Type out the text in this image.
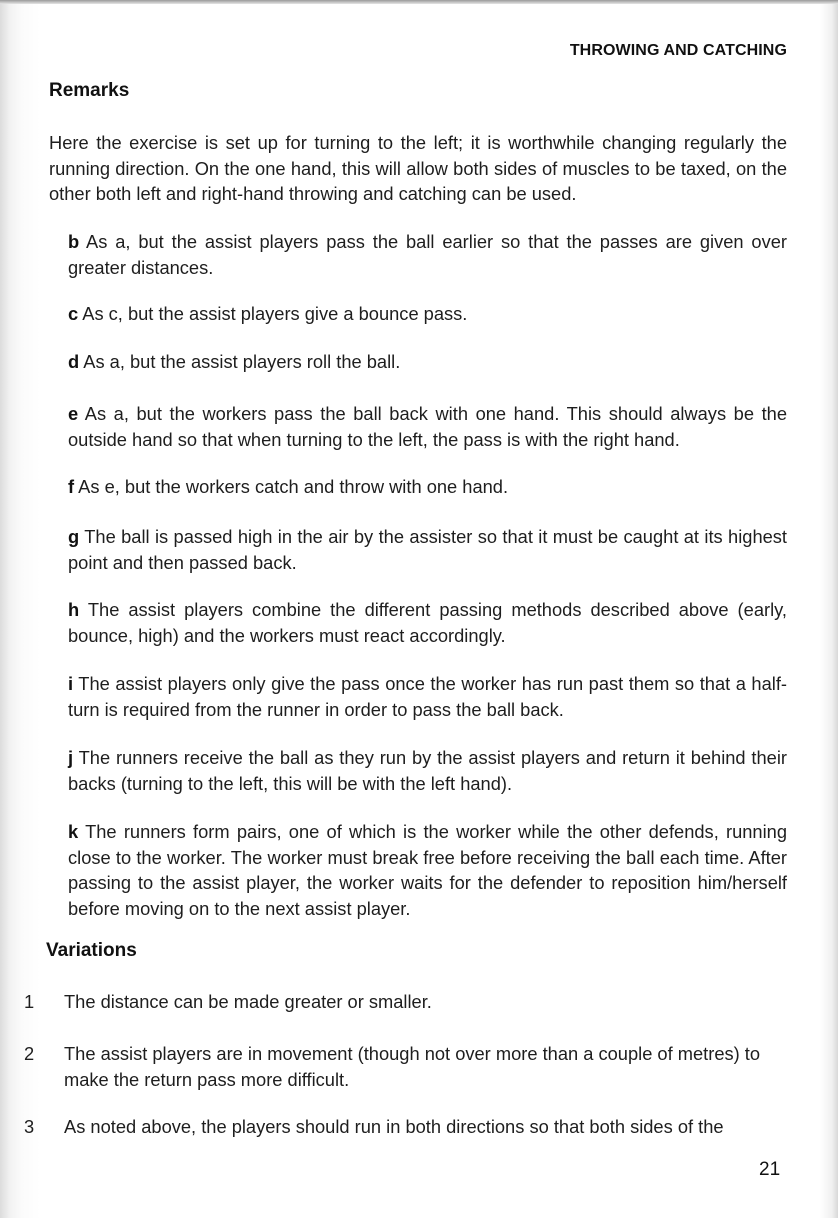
THROWING AND CATCHING
Remarks
Here the exercise is set up for turning to the left; it is worthwhile changing regularly the running direction. On the one hand, this will allow both sides of muscles to be taxed, on the other both left and right-hand throwing and catching can be used.
b As a, but the assist players pass the ball earlier so that the passes are given over greater distances.
c As c, but the assist players give a bounce pass.
d As a, but the assist players roll the ball.
e As a, but the workers pass the ball back with one hand. This should always be the outside hand so that when turning to the left, the pass is with the right hand.
f As e, but the workers catch and throw with one hand.
g The ball is passed high in the air by the assister so that it must be caught at its highest point and then passed back.
h The assist players combine the different passing methods described above (early, bounce, high) and the workers must react accordingly.
i The assist players only give the pass once the worker has run past them so that a half-turn is required from the runner in order to pass the ball back.
j The runners receive the ball as they run by the assist players and return it behind their backs (turning to the left, this will be with the left hand).
k The runners form pairs, one of which is the worker while the other defends, running close to the worker. The worker must break free before receiving the ball each time. After passing to the assist player, the worker waits for the defender to reposition him/herself before moving on to the next assist player.
Variations
1 The distance can be made greater or smaller.
2 The assist players are in movement (though not over more than a couple of metres) to make the return pass more difficult.
3 As noted above, the players should run in both directions so that both sides of the
21
